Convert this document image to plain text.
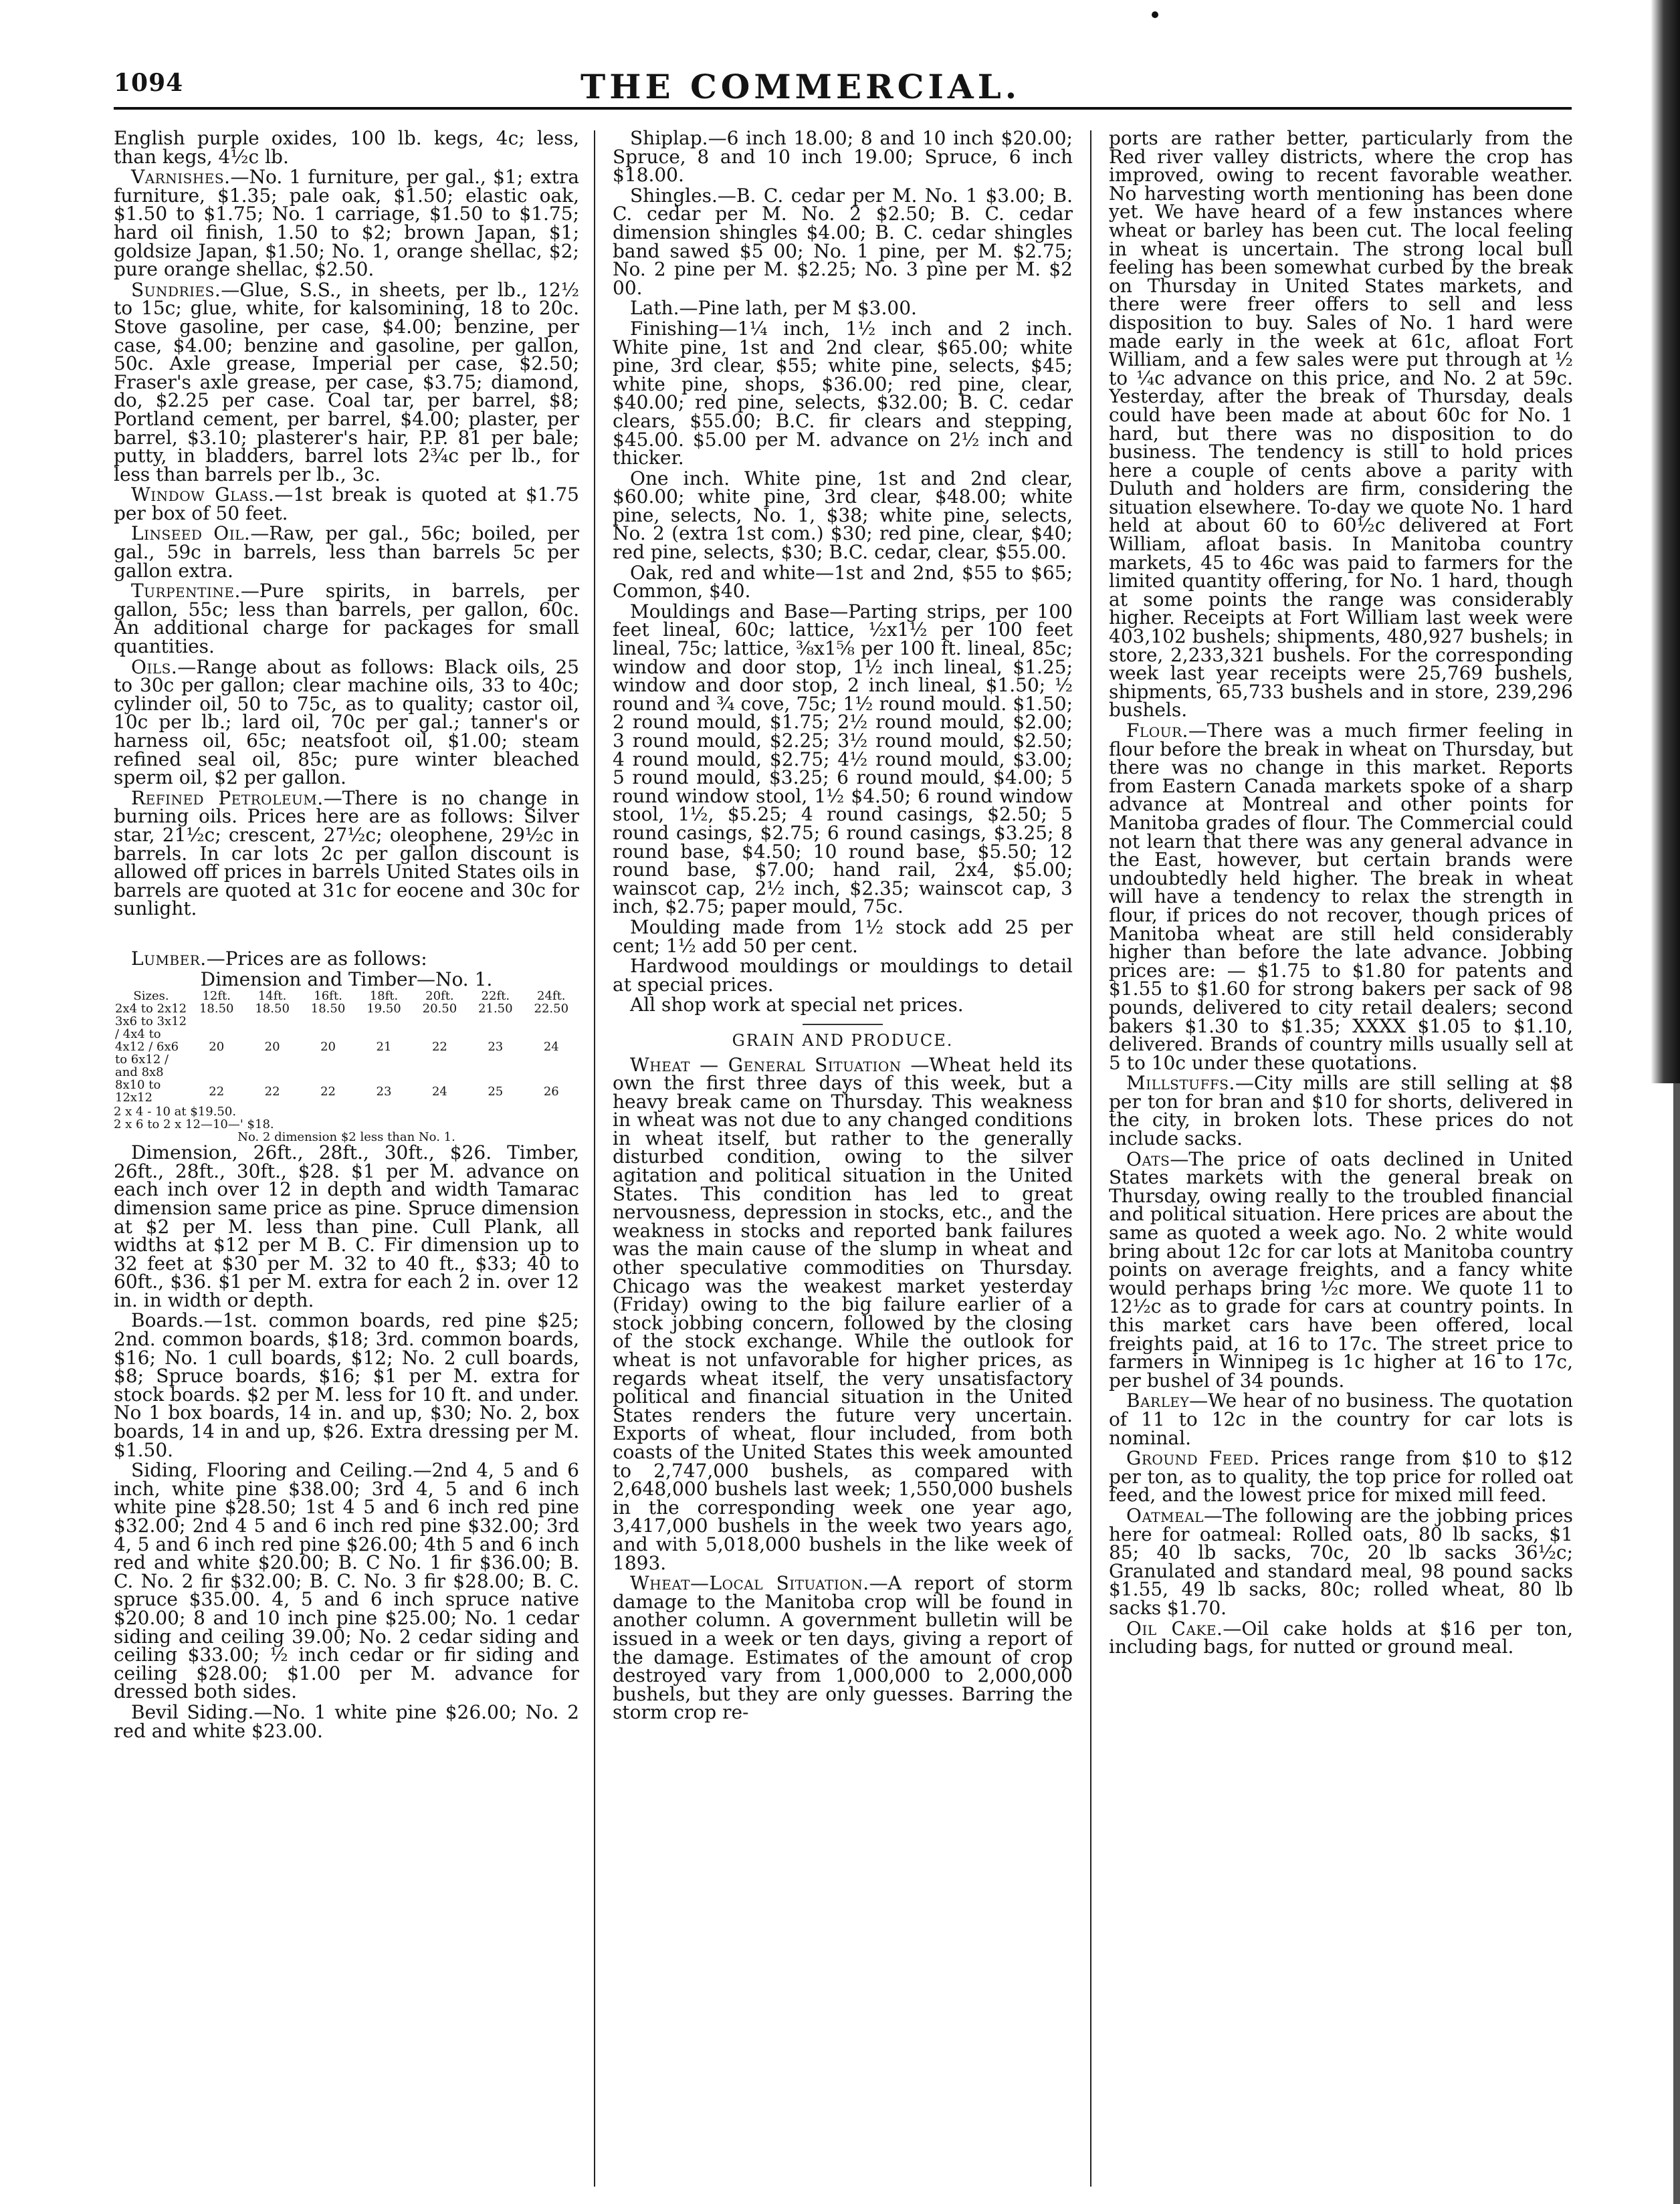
1094	THE COMMERCIAL.

English purple oxides, 100 lb. kegs, 4c; less, than kegs, 4½c lb.

Varnishes.—No. 1 furniture, per gal., $1; extra furniture, $1.35; pale oak, $1.50; elastic oak, $1.50 to $1.75; No. 1 carriage, $1.50 to $1.75; hard oil finish, 1.50 to $2; brown Japan, $1; goldsize Japan, $1.50; No. 1, orange shellac, $2; pure orange shellac, $2.50.

Sundries.—Glue, S.S., in sheets, per lb., 12½ to 15c; glue, white, for kalsomining, 18 to 20c. Stove gasoline, per case, $4.00; benzine, per case, $4.00; benzine and gasoline, per gallon, 50c. Axle grease, Imperial per case, $2.50; Fraser's axle grease, per case, $3.75; diamond, do, $2.25 per case. Coal tar, per barrel, $8; Portland cement, per barrel, $4.00; plaster, per barrel, $3.10; plasterer's hair, P.P. 81 per bale; putty, in bladders, barrel lots 2¾c per lb., for less than barrels per lb., 3c.

Window Glass.—1st break is quoted at $1.75 per box of 50 feet.

Linseed Oil.—Raw, per gal., 56c; boiled, per gal., 59c in barrels, less than barrels 5c per gallon extra.

Turpentine.—Pure spirits, in barrels, per gallon, 55c; less than barrels, per gallon, 60c. An additional charge for packages for small quantities.

Oils.—Range about as follows: Black oils, 25 to 30c per gallon; clear machine oils, 33 to 40c; cylinder oil, 50 to 75c, as to quality; castor oil, 10c per lb.; lard oil, 70c per gal.; tanner's or harness oil, 65c; neatsfoot oil, $1.00; steam refined seal oil, 85c; pure winter bleached sperm oil, $2 per gallon.

Refined Petroleum.—There is no change in burning oils. Prices here are as follows: Silver star, 21½c; crescent, 27½c; oleophene, 29½c in barrels. In car lots 2c per gallon discount is allowed off prices in barrels United States oils in barrels are quoted at 31c for eocene and 30c for sunlight.

Lumber.—Prices are as follows:

Dimension and Timber—No. 1.

Sizes.	12ft.	14ft.	16ft.	18ft.	20ft.	22ft.	24ft.
2x4 to 2x12	18.50	18.50	18.50	19.50	20.50	21.50	22.50
3x6 to 3x12 / 4x4 to 4x12 / 6x6 to 6x12 / and 8x8	20	20	20	21	22	23	24
8x10 to 12x12	22	22	22	23	24	25	26

2 x 4 - 10 at $19.50.

2 x 6 to 2 x 12—10—' $18.

No. 2 dimension $2 less than No. 1.

Dimension, 26ft., 28ft., 30ft., $26. Timber, 26ft., 28ft., 30ft., $28. $1 per M. advance on each inch over 12 in depth and width Tamarac dimension same price as pine. Spruce dimension at $2 per M. less than pine. Cull Plank, all widths at $12 per M B. C. Fir dimension up to 32 feet at $30 per M. 32 to 40 ft., $33; 40 to 60ft., $36. $1 per M. extra for each 2 in. over 12 in. in width or depth.

Boards.—1st. common boards, red pine $25; 2nd. common boards, $18; 3rd. common boards, $16; No. 1 cull boards, $12; No. 2 cull boards, $8; Spruce boards, $16; $1 per M. extra for stock boards. $2 per M. less for 10 ft. and under. No 1 box boards, 14 in. and up, $30; No. 2, box boards, 14 in and up, $26. Extra dressing per M. $1.50.

Siding, Flooring and Ceiling.—2nd 4, 5 and 6 inch, white pine $38.00; 3rd 4, 5 and 6 inch white pine $28.50; 1st 4 5 and 6 inch red pine $32.00; 2nd 4 5 and 6 inch red pine $32.00; 3rd 4, 5 and 6 inch red pine $26.00; 4th 5 and 6 inch red and white $20.00; B. C No. 1 fir $36.00; B. C. No. 2 fir $32.00; B. C. No. 3 fir $28.00; B. C. spruce $35.00. 4, 5 and 6 inch spruce native $20.00; 8 and 10 inch pine $25.00; No. 1 cedar siding and ceiling 39.00; No. 2 cedar siding and ceiling $33.00; ½ inch cedar or fir siding and ceiling $28.00; $1.00 per M. advance for dressed both sides.

Bevil Siding.—No. 1 white pine $26.00; No. 2 red and white $23.00.

Shiplap.—6 inch 18.00; 8 and 10 inch $20.00; Spruce, 8 and 10 inch 19.00; Spruce, 6 inch $18.00.

Shingles.—B. C. cedar per M. No. 1 $3.00; B. C. cedar per M. No. 2 $2.50; B. C. cedar dimension shingles $4.00; B. C. cedar shingles band sawed $5 00; No. 1 pine, per M. $2.75; No. 2 pine per M. $2.25; No. 3 pine per M. $2 00.

Lath.—Pine lath, per M $3.00.

Finishing—1¼ inch, 1½ inch and 2 inch. White pine, 1st and 2nd clear, $65.00; white pine, 3rd clear, $55; white pine, selects, $45; white pine, shops, $36.00; red pine, clear, $40.00; red pine, selects, $32.00; B. C. cedar clears, $55.00; B.C. fir clears and stepping, $45.00. $5.00 per M. advance on 2½ inch and thicker.

One inch. White pine, 1st and 2nd clear, $60.00; white pine, 3rd clear, $48.00; white pine, selects, No. 1, $38; white pine, selects, No. 2 (extra 1st com.) $30; red pine, clear, $40; red pine, selects, $30; B.C. cedar, clear, $55.00.

Oak, red and white—1st and 2nd, $55 to $65; Common, $40.

Mouldings and Base—Parting strips, per 100 feet lineal, 60c; lattice, ½x1½ per 100 feet lineal, 75c; lattice, ⅜x1⅝ per 100 ft. lineal, 85c; window and door stop, 1½ inch lineal, $1.25; window and door stop, 2 inch lineal, $1.50; ½ round and ¾ cove, 75c; 1½ round mould. $1.50; 2 round mould, $1.75; 2½ round mould, $2.00; 3 round mould, $2.25; 3½ round mould, $2.50; 4 round mould, $2.75; 4½ round mould, $3.00; 5 round mould, $3.25; 6 round mould, $4.00; 5 round window stool, 1½ $4.50; 6 round window stool, 1½, $5.25; 4 round casings, $2.50; 5 round casings, $2.75; 6 round casings, $3.25; 8 round base, $4.50; 10 round base, $5.50; 12 round base, $7.00; hand rail, 2x4, $5.00; wainscot cap, 2½ inch, $2.35; wainscot cap, 3 inch, $2.75; paper mould, 75c.

Moulding made from 1½ stock add 25 per cent; 1½ add 50 per cent.

Hardwood mouldings or mouldings to detail at special prices.

All shop work at special net prices.

GRAIN AND PRODUCE.

Wheat — General Situation —Wheat held its own the first three days of this week, but a heavy break came on Thursday. This weakness in wheat was not due to any changed conditions in wheat itself, but rather to the generally disturbed condition, owing to the silver agitation and political situation in the United States. This condition has led to great nervousness, depression in stocks, etc., and the weakness in stocks and reported bank failures was the main cause of the slump in wheat and other speculative commodities on Thursday. Chicago was the weakest market yesterday (Friday) owing to the big failure earlier of a stock jobbing concern, followed by the closing of the stock exchange. While the outlook for wheat is not unfavorable for higher prices, as regards wheat itself, the very unsatisfactory political and financial situation in the United States renders the future very uncertain. Exports of wheat, flour included, from both coasts of the United States this week amounted to 2,747,000 bushels, as compared with 2,648,000 bushels last week; 1,550,000 bushels in the corresponding week one year ago, 3,417,000 bushels in the week two years ago, and with 5,018,000 bushels in the like week of 1893.

Wheat—Local Situation.—A report of storm damage to the Manitoba crop will be found in another column. A government bulletin will be issued in a week or ten days, giving a report of the damage. Estimates of the amount of crop destroyed vary from 1,000,000 to 2,000,000 bushels, but they are only guesses. Barring the storm crop re-

ports are rather better, particularly from the Red river valley districts, where the crop has improved, owing to recent favorable weather. No harvesting worth mentioning has been done yet. We have heard of a few instances where wheat or barley has been cut. The local feeling in wheat is uncertain. The strong local bull feeling has been somewhat curbed by the break on Thursday in United States markets, and there were freer offers to sell and less disposition to buy. Sales of No. 1 hard were made early in the week at 61c, afloat Fort William, and a few sales were put through at ½ to ¼c advance on this price, and No. 2 at 59c. Yesterday, after the break of Thursday, deals could have been made at about 60c for No. 1 hard, but there was no disposition to do business. The tendency is still to hold prices here a couple of cents above a parity with Duluth and holders are firm, considering the situation elsewhere. To-day we quote No. 1 hard held at about 60 to 60½c delivered at Fort William, afloat basis. In Manitoba country markets, 45 to 46c was paid to farmers for the limited quantity offering, for No. 1 hard, though at some points the range was considerably higher. Receipts at Fort William last week were 403,102 bushels; shipments, 480,927 bushels; in store, 2,233,321 bushels. For the corresponding week last year receipts were 25,769 bushels, shipments, 65,733 bushels and in store, 239,296 bushels.

Flour.—There was a much firmer feeling in flour before the break in wheat on Thursday, but there was no change in this market. Reports from Eastern Canada markets spoke of a sharp advance at Montreal and other points for Manitoba grades of flour. The Commercial could not learn that there was any general advance in the East, however, but certain brands were undoubtedly held higher. The break in wheat will have a tendency to relax the strength in flour, if prices do not recover, though prices of Manitoba wheat are still held considerably higher than before the late advance. Jobbing prices are: — $1.75 to $1.80 for patents and $1.55 to $1.60 for strong bakers per sack of 98 pounds, delivered to city retail dealers; second bakers $1.30 to $1.35; XXXX $1.05 to $1.10, delivered. Brands of country mills usually sell at 5 to 10c under these quotations.

Millstuffs.—City mills are still selling at $8 per ton for bran and $10 for shorts, delivered in the city, in broken lots. These prices do not include sacks.

Oats—The price of oats declined in United States markets with the general break on Thursday, owing really to the troubled financial and political situation. Here prices are about the same as quoted a week ago. No. 2 white would bring about 12c for car lots at Manitoba country points on average freights, and a fancy white would perhaps bring ½c more. We quote 11 to 12½c as to grade for cars at country points. In this market cars have been offered, local freights paid, at 16 to 17c. The street price to farmers in Winnipeg is 1c higher at 16 to 17c, per bushel of 34 pounds.

Barley—We hear of no business. The quotation of 11 to 12c in the country for car lots is nominal.

Ground Feed. Prices range from $10 to $12 per ton, as to quality, the top price for rolled oat feed, and the lowest price for mixed mill feed.

Oatmeal—The following are the jobbing prices here for oatmeal: Rolled oats, 80 lb sacks, $1 85; 40 lb sacks, 70c, 20 lb sacks 36½c; Granulated and standard meal, 98 pound sacks $1.55, 49 lb sacks, 80c; rolled wheat, 80 lb sacks $1.70.

Oil Cake.—Oil cake holds at $16 per ton, including bags, for nutted or ground meal.
